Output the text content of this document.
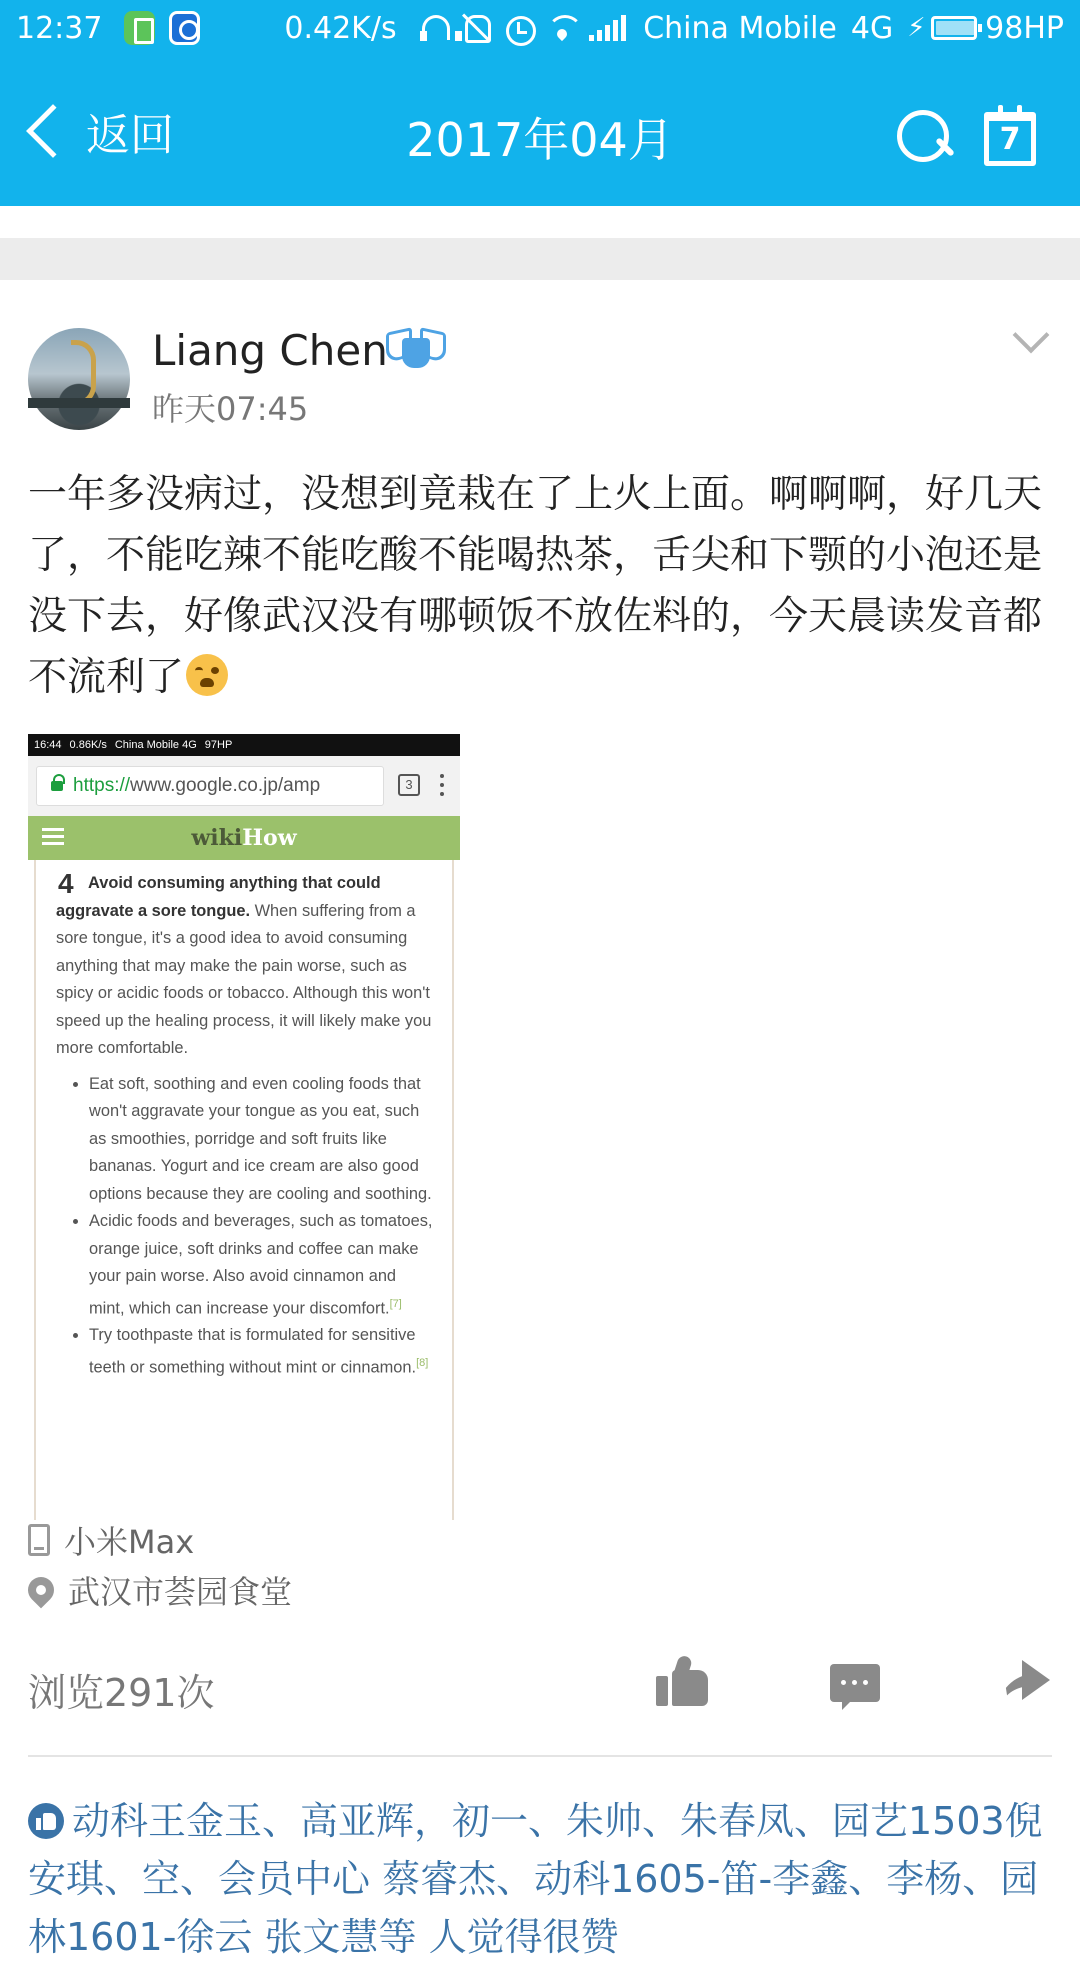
12:37	0.42K/s	China Mobile 4G ⚡ 98HP
返回	2017年04月	7
Liang Chen
昨天07:45
一年多没病过，没想到竟栽在了上火上面。啊啊啊，好几天了，不能吃辣不能吃酸不能喝热茶，舌尖和下颚的小泡还是没下去，好像武汉没有哪顿饭不放佐料的，今天晨读发音都不流利了
16:44 0.86K/s China Mobile 4G 97HP
https://www.google.co.jp/amp	3
wikiHow
4 Avoid consuming anything that could aggravate a sore tongue. When suffering from a sore tongue, it's a good idea to avoid consuming anything that may make the pain worse, such as spicy or acidic foods or tobacco. Although this won't speed up the healing process, it will likely make you more comfortable.

• Eat soft, soothing and even cooling foods that won't aggravate your tongue as you eat, such as smoothies, porridge and soft fruits like bananas. Yogurt and ice cream are also good options because they are cooling and soothing.
• Acidic foods and beverages, such as tomatoes, orange juice, soft drinks and coffee can make your pain worse. Also avoid cinnamon and mint, which can increase your discomfort.[7]
• Try toothpaste that is formulated for sensitive teeth or something without mint or cinnamon.[8]
小米Max
武汉市荟园食堂
浏览291次
动科王金玉、高亚辉，初一、朱帅、朱春凤、园艺1503倪安琪、空、会员中心 蔡睿杰、动科1605-笛-李鑫、李杨、园林1601-徐云 张文慧等 人觉得很赞
